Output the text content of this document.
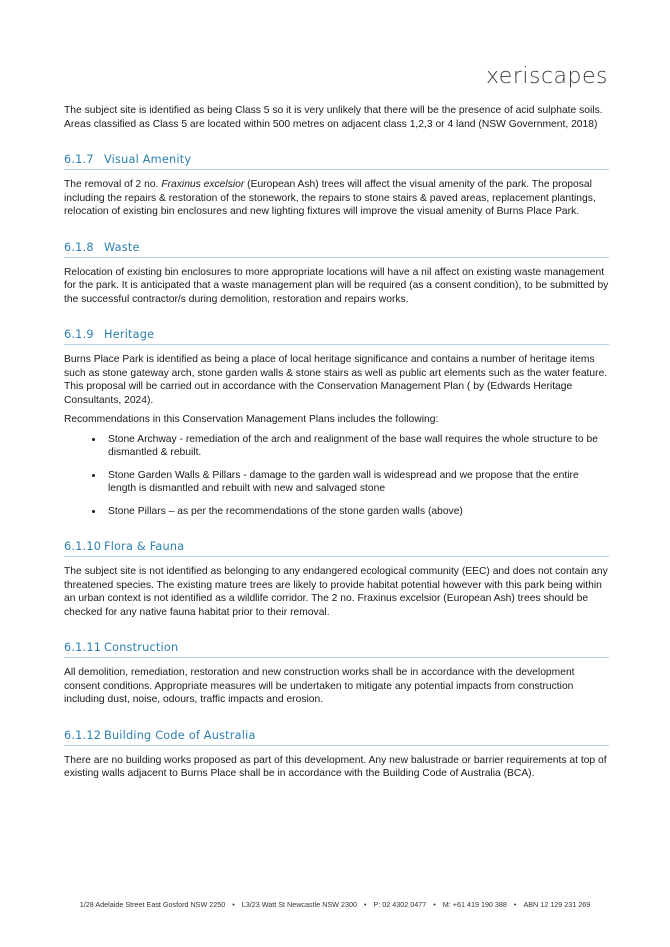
xeriscapes

The subject site is identified as being Class 5 so it is very unlikely that there will be the presence of acid sulphate soils. Areas classified as Class 5 are located within 500 metres on adjacent class 1,2,3 or 4 land (NSW Government, 2018)

6.1.7 Visual Amenity

The removal of 2 no. Fraxinus excelsior (European Ash) trees will affect the visual amenity of the park. The proposal including the repairs & restoration of the stonework, the repairs to stone stairs & paved areas, replacement plantings, relocation of existing bin enclosures and new lighting fixtures will improve the visual amenity of Burns Place Park.

6.1.8 Waste

Relocation of existing bin enclosures to more appropriate locations will have a nil affect on existing waste management for the park. It is anticipated that a waste management plan will be required (as a consent condition), to be submitted by the successful contractor/s during demolition, restoration and repairs works.

6.1.9 Heritage

Burns Place Park is identified as being a place of local heritage significance and contains a number of heritage items such as stone gateway arch, stone garden walls & stone stairs as well as public art elements such as the water feature. This proposal will be carried out in accordance with the Conservation Management Plan ( by (Edwards Heritage Consultants, 2024).

Recommendations in this Conservation Management Plans includes the following:

• Stone Archway - remediation of the arch and realignment of the base wall requires the whole structure to be dismantled & rebuilt.
• Stone Garden Walls & Pillars - damage to the garden wall is widespread and we propose that the entire length is dismantled and rebuilt with new and salvaged stone
• Stone Pillars – as per the recommendations of the stone garden walls (above)
6.1.10 Flora & Fauna

The subject site is not identified as belonging to any endangered ecological community (EEC) and does not contain any threatened species. The existing mature trees are likely to provide habitat potential however with this park being within an urban context is not identified as a wildlife corridor. The 2 no. Fraxinus excelsior (European Ash) trees should be checked for any native fauna habitat prior to their removal.

6.1.11 Construction

All demolition, remediation, restoration and new construction works shall be in accordance with the development consent conditions. Appropriate measures will be undertaken to mitigate any potential impacts from construction including dust, noise, odours, traffic impacts and erosion.

6.1.12 Building Code of Australia

There are no building works proposed as part of this development. Any new balustrade or barrier requirements at top of existing walls adjacent to Burns Place shall be in accordance with the Building Code of Australia (BCA).

1/28 Adelaide Street East Gosford NSW 2250 • L3/23 Watt St Newcastle NSW 2300 • P: 02 4302 0477 • M: +61 419 190 388 • ABN 12 129 231 269
